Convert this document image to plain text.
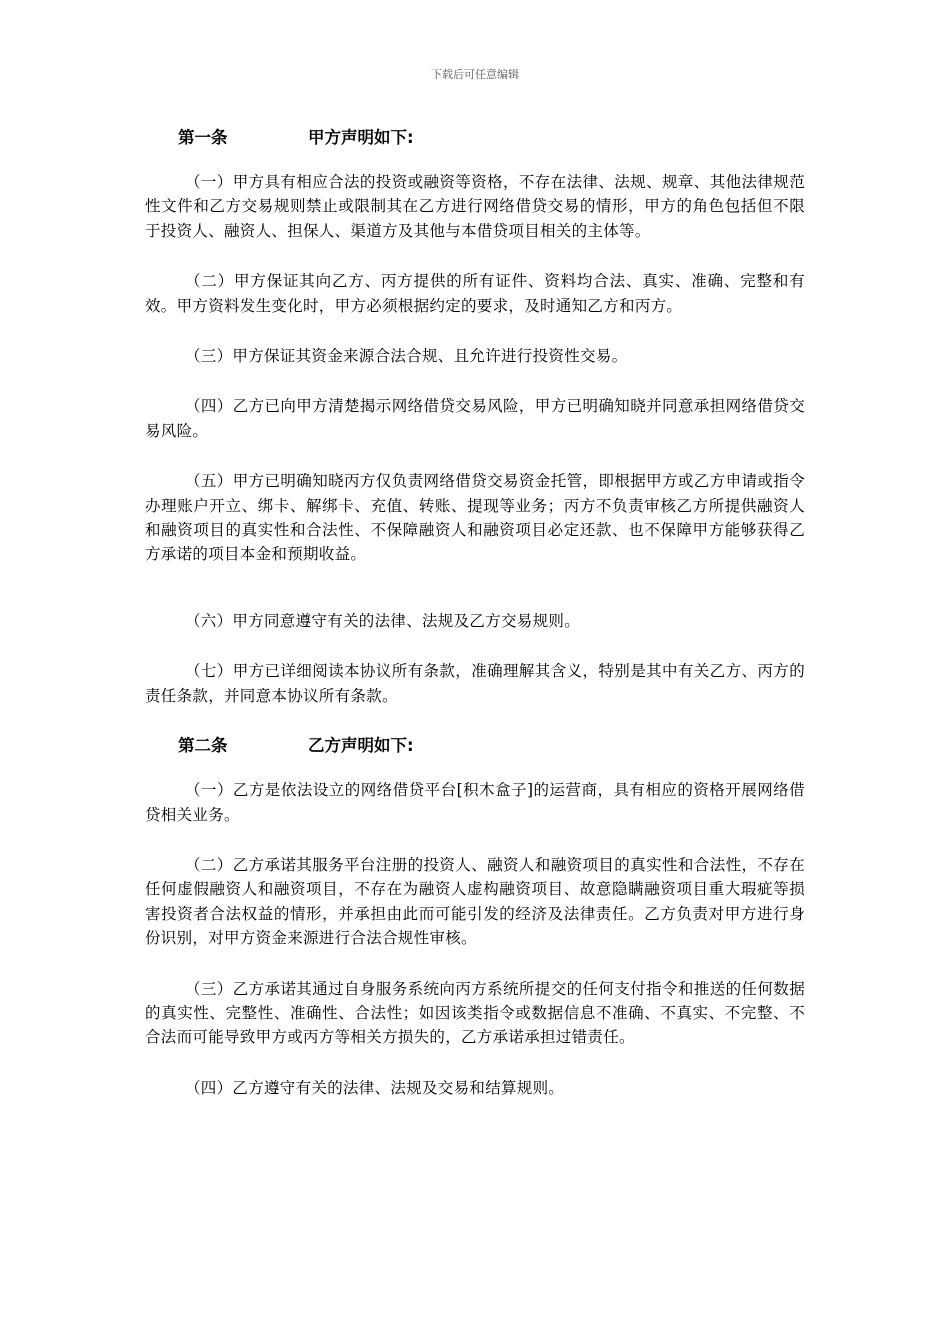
下载后可任意编辑
第一条	甲方声明如下:

（一）甲方具有相应合法的投资或融资等资格，不存在法律、法规、规章、其他法律规范性文件和乙方交易规则禁止或限制其在乙方进行网络借贷交易的情形，甲方的角色包括但不限于投资人、融资人、担保人、渠道方及其他与本借贷项目相关的主体等。

（二）甲方保证其向乙方、丙方提供的所有证件、资料均合法、真实、准确、完整和有效。甲方资料发生变化时，甲方必须根据约定的要求，及时通知乙方和丙方。

（三）甲方保证其资金来源合法合规、且允许进行投资性交易。

（四）乙方已向甲方清楚揭示网络借贷交易风险，甲方已明确知晓并同意承担网络借贷交易风险。

（五）甲方已明确知晓丙方仅负责网络借贷交易资金托管，即根据甲方或乙方申请或指令办理账户开立、绑卡、解绑卡、充值、转账、提现等业务；丙方不负责审核乙方所提供融资人和融资项目的真实性和合法性、不保障融资人和融资项目必定还款、也不保障甲方能够获得乙方承诺的项目本金和预期收益。

（六）甲方同意遵守有关的法律、法规及乙方交易规则。

（七）甲方已详细阅读本协议所有条款，准确理解其含义，特别是其中有关乙方、丙方的责任条款，并同意本协议所有条款。

第二条	乙方声明如下:

（一）乙方是依法设立的网络借贷平台[积木盒子]的运营商，具有相应的资格开展网络借贷相关业务。

（二）乙方承诺其服务平台注册的投资人、融资人和融资项目的真实性和合法性，不存在任何虚假融资人和融资项目，不存在为融资人虚构融资项目、故意隐瞒融资项目重大瑕疵等损害投资者合法权益的情形，并承担由此而可能引发的经济及法律责任。乙方负责对甲方进行身份识别，对甲方资金来源进行合法合规性审核。

（三）乙方承诺其通过自身服务系统向丙方系统所提交的任何支付指令和推送的任何数据的真实性、完整性、准确性、合法性；如因该类指令或数据信息不准确、不真实、不完整、不合法而可能导致甲方或丙方等相关方损失的，乙方承诺承担过错责任。

（四）乙方遵守有关的法律、法规及交易和结算规则。
